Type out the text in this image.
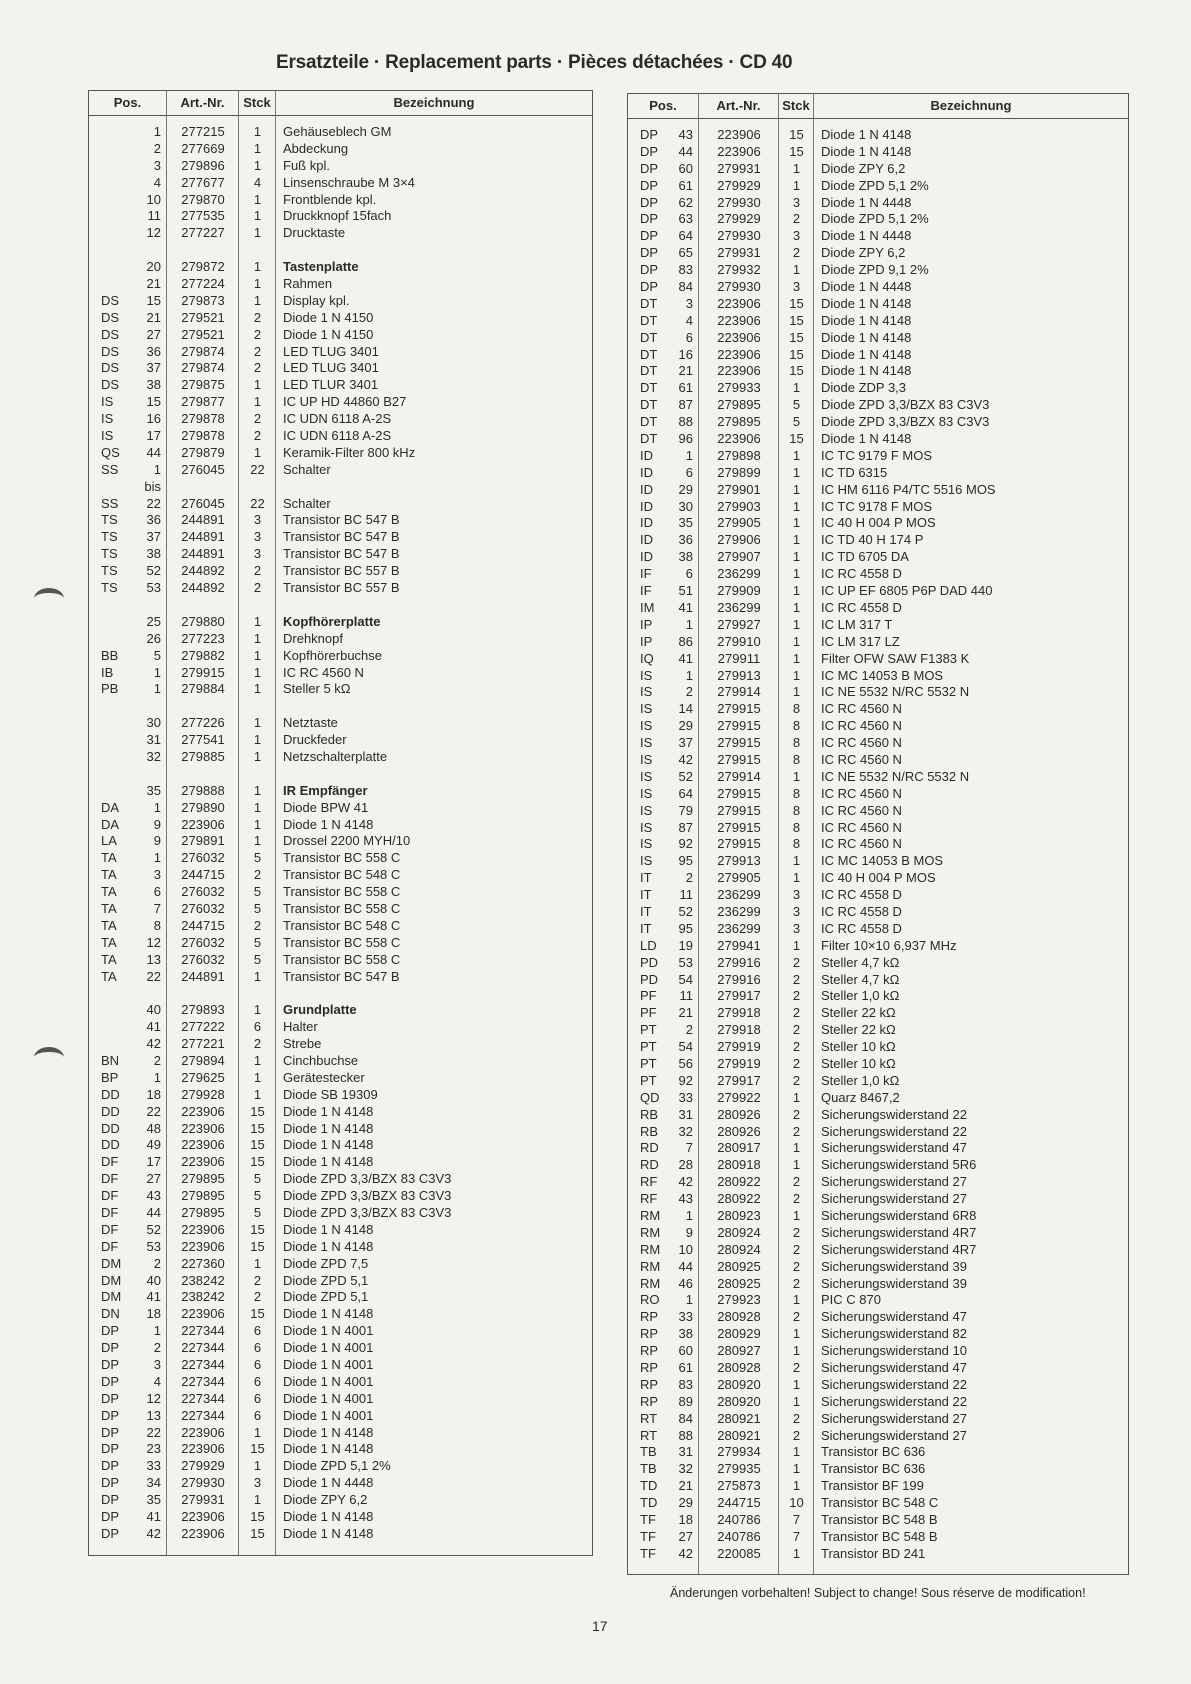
Ersatzteile · Replacement parts · Pièces détachées · CD 40
Pos.	Art.-Nr.	Stck	Bezeichnung
1	277215	1	Gehäuseblech GM
2	277669	1	Abdeckung
3	279896	1	Fuß kpl.
4	277677	4	Linsenschraube M 3×4
10	279870	1	Frontblende kpl.
11	277535	1	Druckknopf 15fach
12	277227	1	Drucktaste
20	279872	1	Tastenplatte
21	277224	1	Rahmen
DS	15	279873	1	Display kpl.
DS	21	279521	2	Diode 1 N 4150
DS	27	279521	2	Diode 1 N 4150
DS	36	279874	2	LED TLUG 3401
DS	37	279874	2	LED TLUG 3401
DS	38	279875	1	LED TLUR 3401
IS	15	279877	1	IC UP HD 44860 B27
IS	16	279878	2	IC UDN 6118 A-2S
IS	17	279878	2	IC UDN 6118 A-2S
QS	44	279879	1	Keramik-Filter 800 kHz
SS	1	276045	22	Schalter
bis
SS	22	276045	22	Schalter
TS	36	244891	3	Transistor BC 547 B
TS	37	244891	3	Transistor BC 547 B
TS	38	244891	3	Transistor BC 547 B
TS	52	244892	2	Transistor BC 557 B
TS	53	244892	2	Transistor BC 557 B
25	279880	1	Kopfhörerplatte
26	277223	1	Drehknopf
BB	5	279882	1	Kopfhörerbuchse
IB	1	279915	1	IC RC 4560 N
PB	1	279884	1	Steller 5 kΩ
30	277226	1	Netztaste
31	277541	1	Druckfeder
32	279885	1	Netzschalterplatte
35	279888	1	IR Empfänger
DA	1	279890	1	Diode BPW 41
DA	9	223906	1	Diode 1 N 4148
LA	9	279891	1	Drossel 2200 MYH/10
TA	1	276032	5	Transistor BC 558 C
TA	3	244715	2	Transistor BC 548 C
TA	6	276032	5	Transistor BC 558 C
TA	7	276032	5	Transistor BC 558 C
TA	8	244715	2	Transistor BC 548 C
TA	12	276032	5	Transistor BC 558 C
TA	13	276032	5	Transistor BC 558 C
TA	22	244891	1	Transistor BC 547 B
40	279893	1	Grundplatte
41	277222	6	Halter
42	277221	2	Strebe
BN	2	279894	1	Cinchbuchse
BP	1	279625	1	Gerätestecker
DD	18	279928	1	Diode SB 19309
DD	22	223906	15	Diode 1 N 4148
DD	48	223906	15	Diode 1 N 4148
DD	49	223906	15	Diode 1 N 4148
DF	17	223906	15	Diode 1 N 4148
DF	27	279895	5	Diode ZPD 3,3/BZX 83 C3V3
DF	43	279895	5	Diode ZPD 3,3/BZX 83 C3V3
DF	44	279895	5	Diode ZPD 3,3/BZX 83 C3V3
DF	52	223906	15	Diode 1 N 4148
DF	53	223906	15	Diode 1 N 4148
DM	2	227360	1	Diode ZPD 7,5
DM	40	238242	2	Diode ZPD 5,1
DM	41	238242	2	Diode ZPD 5,1
DN	18	223906	15	Diode 1 N 4148
DP	1	227344	6	Diode 1 N 4001
DP	2	227344	6	Diode 1 N 4001
DP	3	227344	6	Diode 1 N 4001
DP	4	227344	6	Diode 1 N 4001
DP	12	227344	6	Diode 1 N 4001
DP	13	227344	6	Diode 1 N 4001
DP	22	223906	1	Diode 1 N 4148
DP	23	223906	15	Diode 1 N 4148
DP	33	279929	1	Diode ZPD 5,1 2%
DP	34	279930	3	Diode 1 N 4448
DP	35	279931	1	Diode ZPY 6,2
DP	41	223906	15	Diode 1 N 4148
DP	42	223906	15	Diode 1 N 4148
Pos.	Art.-Nr.	Stck	Bezeichnung
DP	43	223906	15	Diode 1 N 4148
DP	44	223906	15	Diode 1 N 4148
DP	60	279931	1	Diode ZPY 6,2
DP	61	279929	1	Diode ZPD 5,1 2%
DP	62	279930	3	Diode 1 N 4448
DP	63	279929	2	Diode ZPD 5,1 2%
DP	64	279930	3	Diode 1 N 4448
DP	65	279931	2	Diode ZPY 6,2
DP	83	279932	1	Diode ZPD 9,1 2%
DP	84	279930	3	Diode 1 N 4448
DT	3	223906	15	Diode 1 N 4148
DT	4	223906	15	Diode 1 N 4148
DT	6	223906	15	Diode 1 N 4148
DT	16	223906	15	Diode 1 N 4148
DT	21	223906	15	Diode 1 N 4148
DT	61	279933	1	Diode ZDP 3,3
DT	87	279895	5	Diode ZPD 3,3/BZX 83 C3V3
DT	88	279895	5	Diode ZPD 3,3/BZX 83 C3V3
DT	96	223906	15	Diode 1 N 4148
ID	1	279898	1	IC TC 9179 F MOS
ID	6	279899	1	IC TD 6315
ID	29	279901	1	IC HM 6116 P4/TC 5516 MOS
ID	30	279903	1	IC TC 9178 F MOS
ID	35	279905	1	IC 40 H 004 P MOS
ID	36	279906	1	IC TD 40 H 174 P
ID	38	279907	1	IC TD 6705 DA
IF	6	236299	1	IC RC 4558 D
IF	51	279909	1	IC UP EF 6805 P6P DAD 440
IM	41	236299	1	IC RC 4558 D
IP	1	279927	1	IC LM 317 T
IP	86	279910	1	IC LM 317 LZ
IQ	41	279911	1	Filter OFW SAW F1383 K
IS	1	279913	1	IC MC 14053 B MOS
IS	2	279914	1	IC NE 5532 N/RC 5532 N
IS	14	279915	8	IC RC 4560 N
IS	29	279915	8	IC RC 4560 N
IS	37	279915	8	IC RC 4560 N
IS	42	279915	8	IC RC 4560 N
IS	52	279914	1	IC NE 5532 N/RC 5532 N
IS	64	279915	8	IC RC 4560 N
IS	79	279915	8	IC RC 4560 N
IS	87	279915	8	IC RC 4560 N
IS	92	279915	8	IC RC 4560 N
IS	95	279913	1	IC MC 14053 B MOS
IT	2	279905	1	IC 40 H 004 P MOS
IT	11	236299	3	IC RC 4558 D
IT	52	236299	3	IC RC 4558 D
IT	95	236299	3	IC RC 4558 D
LD	19	279941	1	Filter 10×10 6,937 MHz
PD	53	279916	2	Steller 4,7 kΩ
PD	54	279916	2	Steller 4,7 kΩ
PF	11	279917	2	Steller 1,0 kΩ
PF	21	279918	2	Steller 22 kΩ
PT	2	279918	2	Steller 22 kΩ
PT	54	279919	2	Steller 10 kΩ
PT	56	279919	2	Steller 10 kΩ
PT	92	279917	2	Steller 1,0 kΩ
QD	33	279922	1	Quarz 8467,2
RB	31	280926	2	Sicherungswiderstand 22
RB	32	280926	2	Sicherungswiderstand 22
RD	7	280917	1	Sicherungswiderstand 47
RD	28	280918	1	Sicherungswiderstand 5R6
RF	42	280922	2	Sicherungswiderstand 27
RF	43	280922	2	Sicherungswiderstand 27
RM	1	280923	1	Sicherungswiderstand 6R8
RM	9	280924	2	Sicherungswiderstand 4R7
RM	10	280924	2	Sicherungswiderstand 4R7
RM	44	280925	2	Sicherungswiderstand 39
RM	46	280925	2	Sicherungswiderstand 39
RO	1	279923	1	PIC C 870
RP	33	280928	2	Sicherungswiderstand 47
RP	38	280929	1	Sicherungswiderstand 82
RP	60	280927	1	Sicherungswiderstand 10
RP	61	280928	2	Sicherungswiderstand 47
RP	83	280920	1	Sicherungswiderstand 22
RP	89	280920	1	Sicherungswiderstand 22
RT	84	280921	2	Sicherungswiderstand 27
RT	88	280921	2	Sicherungswiderstand 27
TB	31	279934	1	Transistor BC 636
TB	32	279935	1	Transistor BC 636
TD	21	275873	1	Transistor BF 199
TD	29	244715	10	Transistor BC 548 C
TF	18	240786	7	Transistor BC 548 B
TF	27	240786	7	Transistor BC 548 B
TF	42	220085	1	Transistor BD 241
Änderungen vorbehalten! Subject to change! Sous réserve de modification!
17
